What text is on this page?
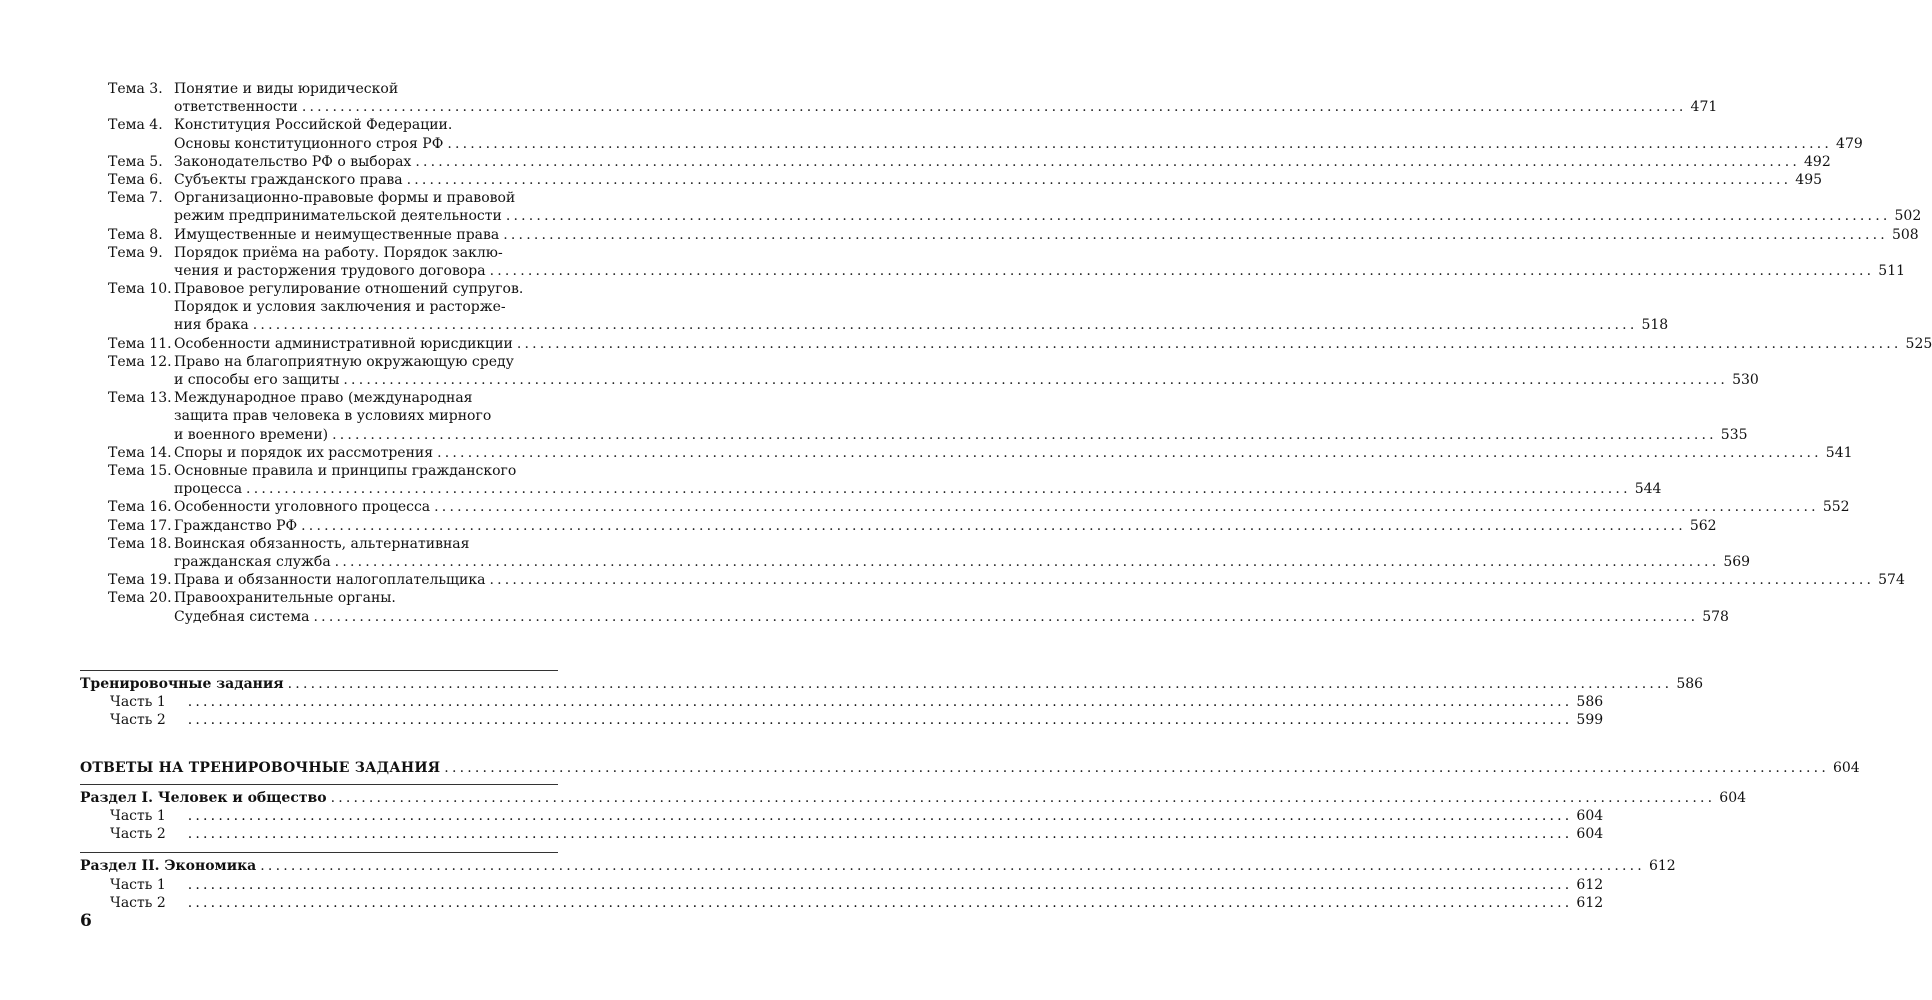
Тема 3. Понятие и виды юридической
ответственности .....	471
Тема 4. Конституция Российской Федерации.
Основы конституционного строя РФ .....	479
Тема 5. Законодательство РФ о выборах .....	492
Тема 6. Субъекты гражданского права .....	495
Тема 7. Организационно-правовые формы и правовой
режим предпринимательской деятельности .....	502
Тема 8. Имущественные и неимущественные права .....	508
Тема 9. Порядок приёма на работу. Порядок заклю-
чения и расторжения трудового договора .....	511
Тема 10. Правовое регулирование отношений супругов.
Порядок и условия заключения и расторже-
ния брака .....	518
Тема 11. Особенности административной юрисдикции .....	525
Тема 12. Право на благоприятную окружающую среду
и способы его защиты .....	530
Тема 13. Международное право (международная
защита прав человека в условиях мирного
и военного времени) .....	535
Тема 14. Споры и порядок их рассмотрения .....	541
Тема 15. Основные правила и принципы гражданского
процесса .....	544
Тема 16. Особенности уголовного процесса .....	552
Тема 17. Гражданство РФ .....	562
Тема 18. Воинская обязанность, альтернативная
гражданская служба .....	569
Тема 19. Права и обязанности налогоплательщика .....	574
Тема 20. Правоохранительные органы.
Судебная система .....	578
Тренировочные задания .....	586
Часть 1 .....	586
Часть 2 .....	599
ОТВЕТЫ НА ТРЕНИРОВОЧНЫЕ ЗАДАНИЯ .....	604
Раздел I. Человек и общество .....	604
Часть 1 .....	604
Часть 2 .....	604
Раздел II. Экономика .....	612
Часть 1 .....	612
Часть 2 .....	612
6
